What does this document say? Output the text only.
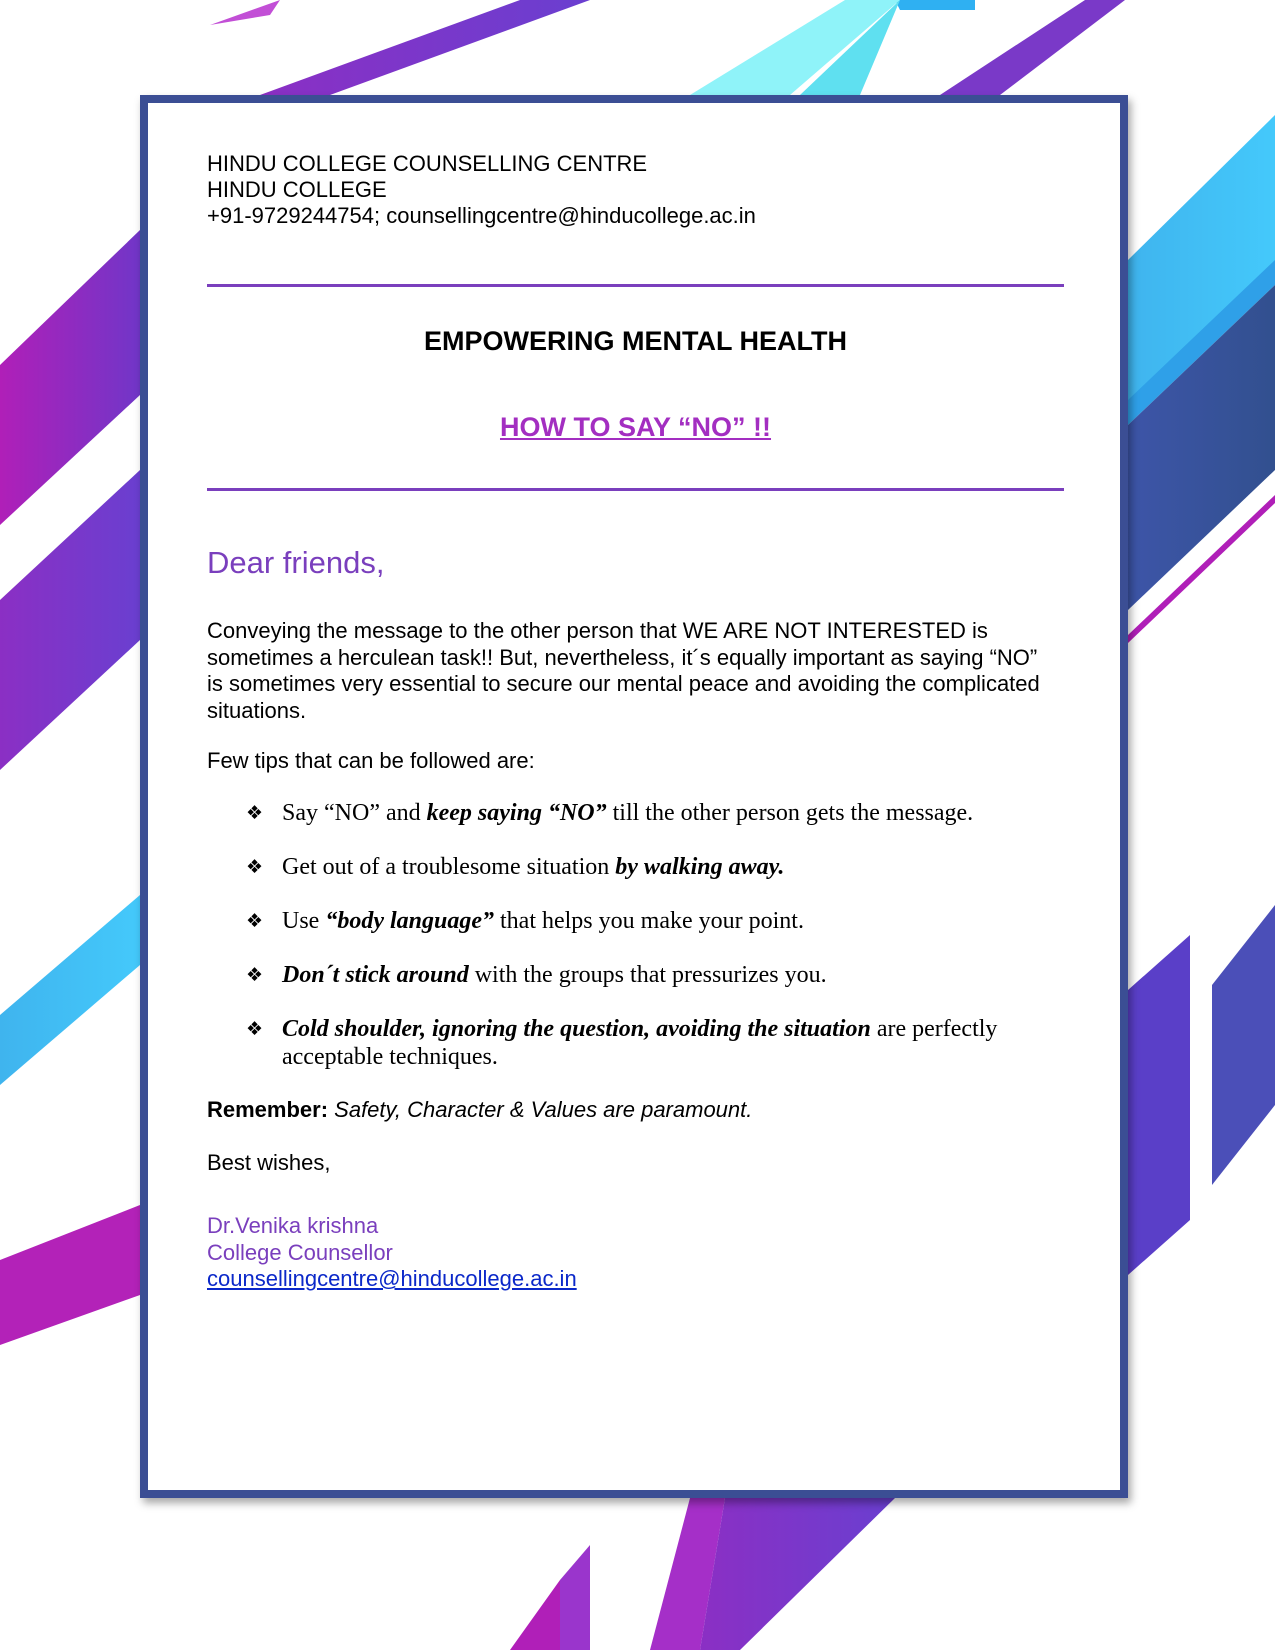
HINDU COLLEGE COUNSELLING CENTRE
HINDU COLLEGE
+91-9729244754; counsellingcentre@hinducollege.ac.in
EMPOWERING MENTAL HEALTH
HOW TO SAY “NO” !!
Dear friends,
Conveying the message to the other person that WE ARE NOT INTERESTED is sometimes a herculean task!! But, nevertheless, it´s equally important as saying “NO” is sometimes very essential to secure our mental peace and avoiding the complicated situations.
Few tips that can be followed are:
❖ Say “NO” and keep saying “NO” till the other person gets the message.
❖ Get out of a troublesome situation by walking away.
❖ Use “body language” that helps you make your point.
❖ Don´t stick around with the groups that pressurizes you.
❖ Cold shoulder, ignoring the question, avoiding the situation are perfectly acceptable techniques.
Remember: Safety, Character & Values are paramount.
Best wishes,
Dr.Venika krishna
College Counsellor
counsellingcentre@hinducollege.ac.in
